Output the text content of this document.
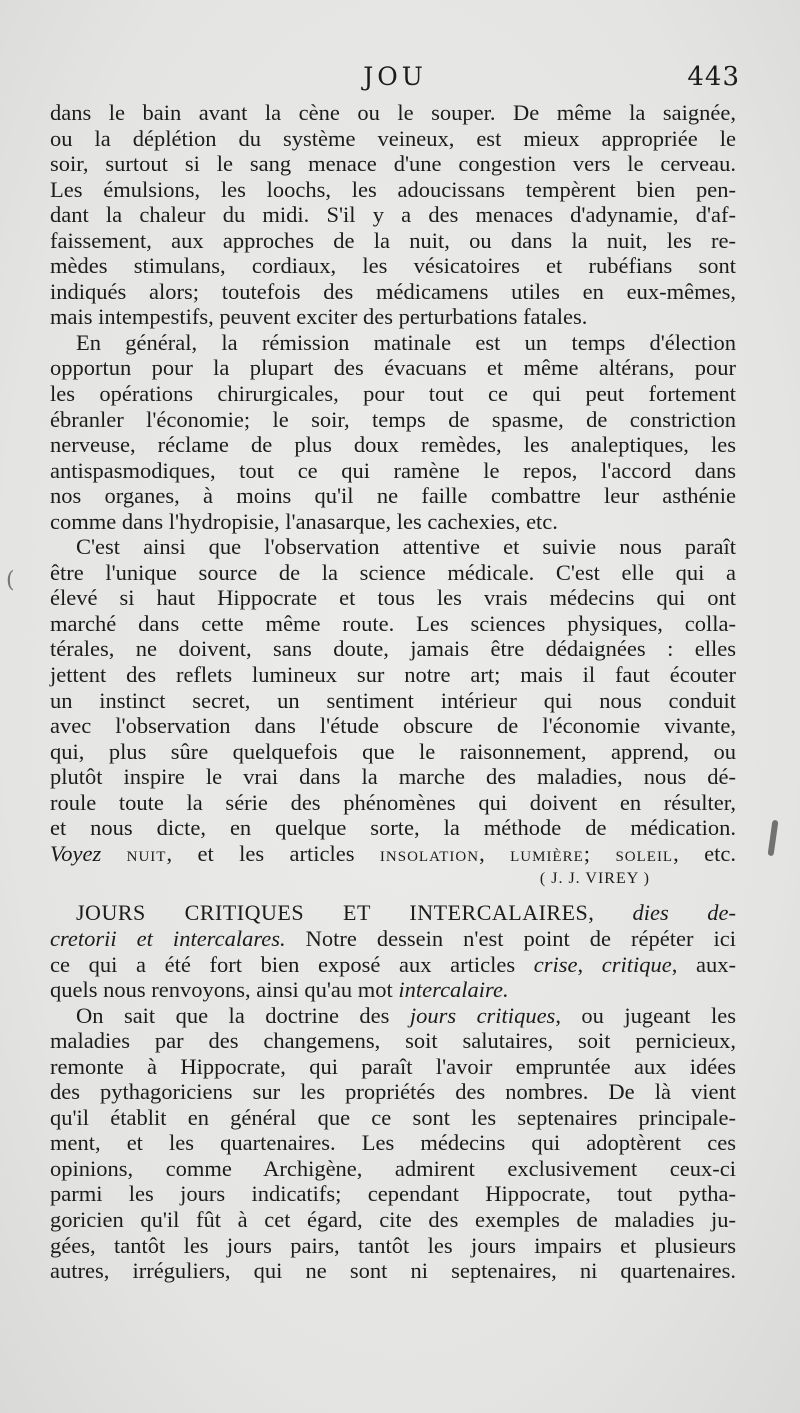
JOU	443
(
dans le bain avant la cène ou le souper. De même la saignée,
ou la déplétion du système veineux, est mieux appropriée le
soir, surtout si le sang menace d'une congestion vers le cerveau.
Les émulsions, les loochs, les adoucissans tempèrent bien pen-
dant la chaleur du midi. S'il y a des menaces d'adynamie, d'af-
faissement, aux approches de la nuit, ou dans la nuit, les re-
mèdes stimulans, cordiaux, les vésicatoires et rubéfians sont
indiqués alors; toutefois des médicamens utiles en eux-mêmes,
mais intempestifs, peuvent exciter des perturbations fatales.
En général, la rémission matinale est un temps d'élection
opportun pour la plupart des évacuans et même altérans, pour
les opérations chirurgicales, pour tout ce qui peut fortement
ébranler l'économie; le soir, temps de spasme, de constriction
nerveuse, réclame de plus doux remèdes, les analeptiques, les
antispasmodiques, tout ce qui ramène le repos, l'accord dans
nos organes, à moins qu'il ne faille combattre leur asthénie
comme dans l'hydropisie, l'anasarque, les cachexies, etc.
C'est ainsi que l'observation attentive et suivie nous paraît
être l'unique source de la science médicale. C'est elle qui a
élevé si haut Hippocrate et tous les vrais médecins qui ont
marché dans cette même route. Les sciences physiques, colla-
térales, ne doivent, sans doute, jamais être dédaignées : elles
jettent des reflets lumineux sur notre art; mais il faut écouter
un instinct secret, un sentiment intérieur qui nous conduit
avec l'observation dans l'étude obscure de l'économie vivante,
qui, plus sûre quelquefois que le raisonnement, apprend, ou
plutôt inspire le vrai dans la marche des maladies, nous dé-
roule toute la série des phénomènes qui doivent en résulter,
et nous dicte, en quelque sorte, la méthode de médication.
Voyez NUIT, et les articles INSOLATION, LUMIÈRE; SOLEIL, etc.
( J. J. VIREY )
JOURS CRITIQUES ET INTERCALAIRES, dies de-
cretorii et intercalares. Notre dessein n'est point de répéter ici
ce qui a été fort bien exposé aux articles crise, critique, aux-
quels nous renvoyons, ainsi qu'au mot intercalaire.
On sait que la doctrine des jours critiques, ou jugeant les
maladies par des changemens, soit salutaires, soit pernicieux,
remonte à Hippocrate, qui paraît l'avoir empruntée aux idées
des pythagoriciens sur les propriétés des nombres. De là vient
qu'il établit en général que ce sont les septenaires principale-
ment, et les quartenaires. Les médecins qui adoptèrent ces
opinions, comme Archigène, admirent exclusivement ceux-ci
parmi les jours indicatifs; cependant Hippocrate, tout pytha-
goricien qu'il fût à cet égard, cite des exemples de maladies ju-
gées, tantôt les jours pairs, tantôt les jours impairs et plusieurs
autres, irréguliers, qui ne sont ni septenaires, ni quartenaires.
